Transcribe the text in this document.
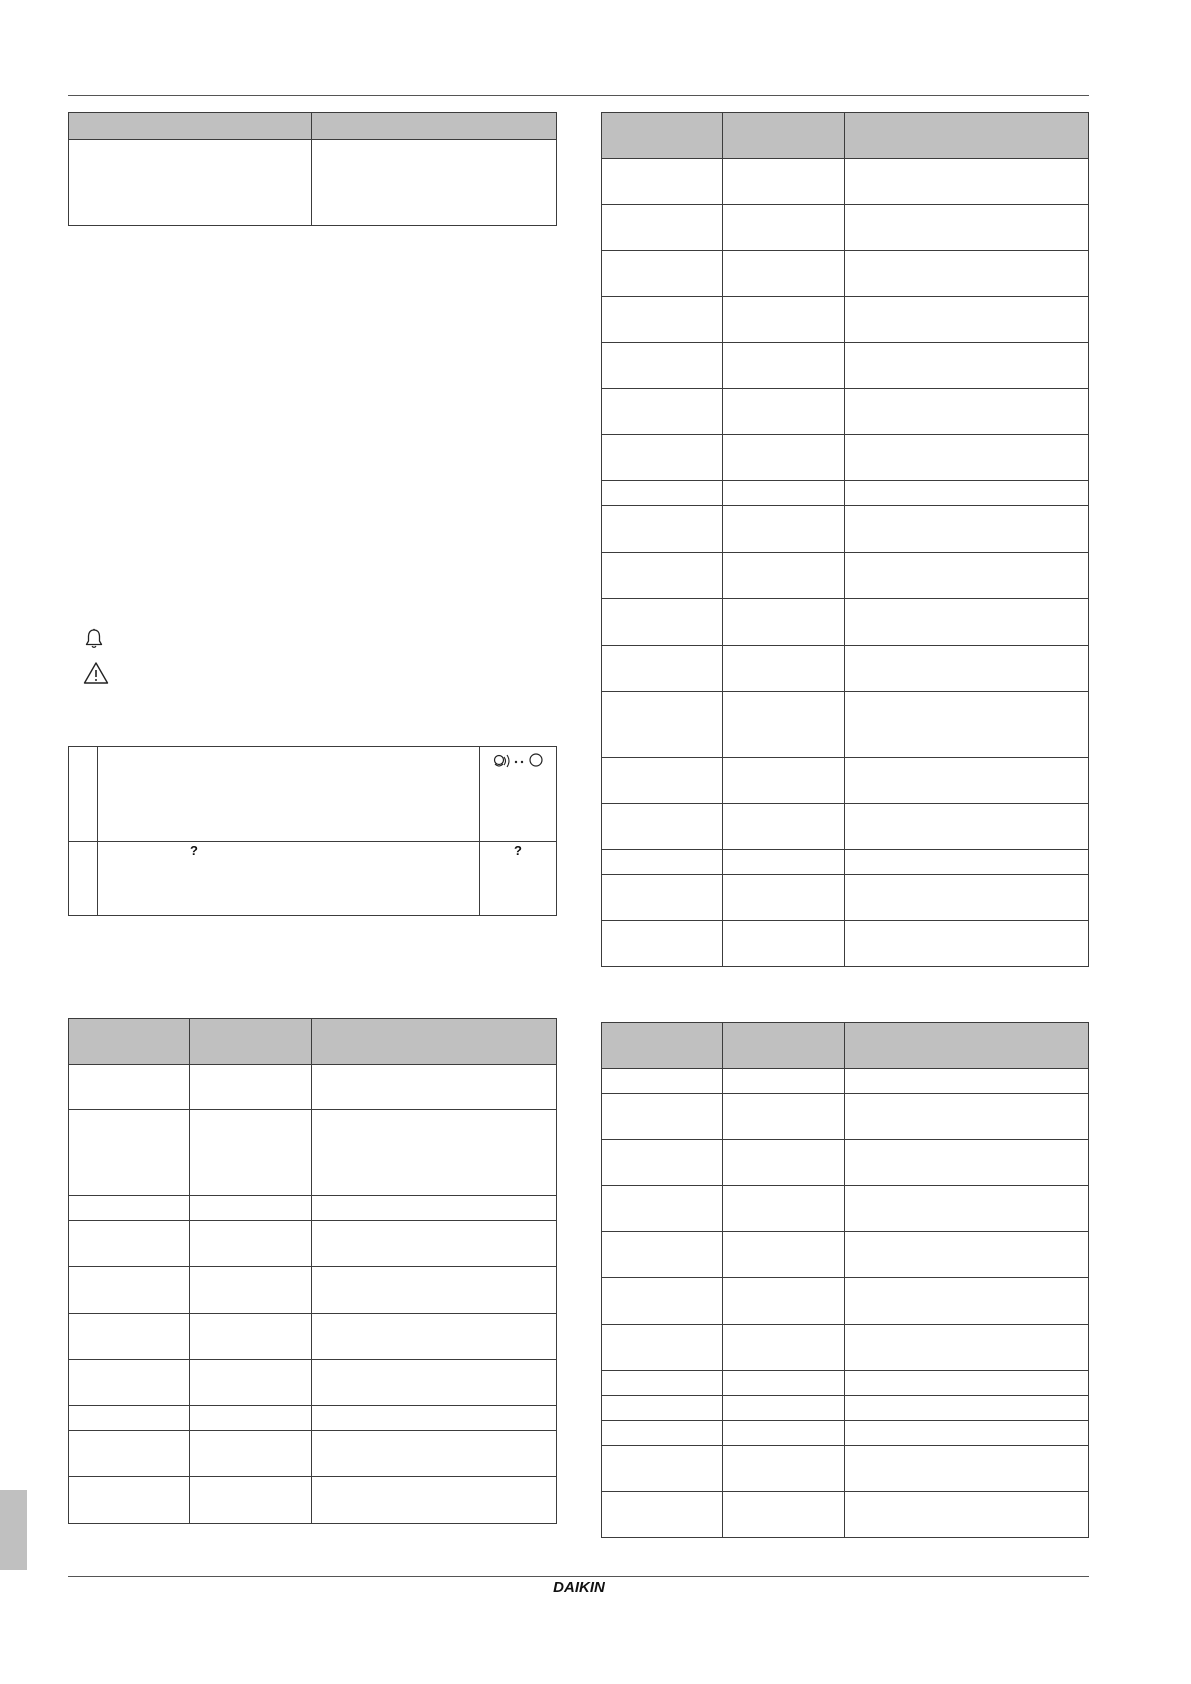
	?	?

DAIKIN
